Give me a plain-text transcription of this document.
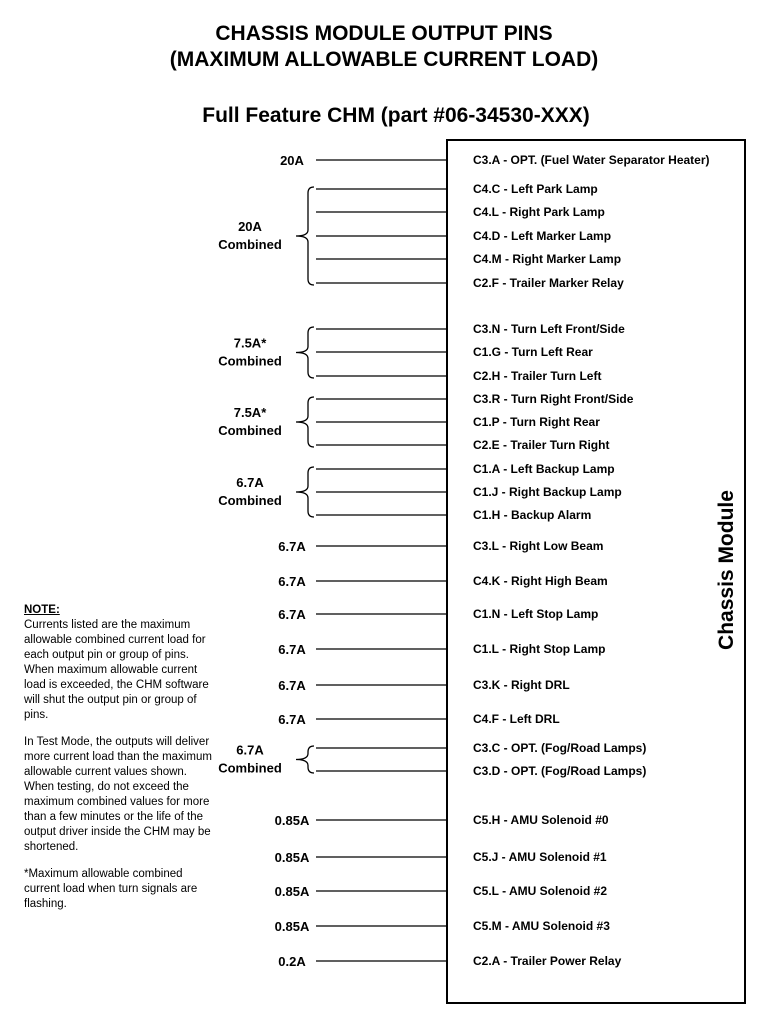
CHASSIS MODULE OUTPUT PINS
(MAXIMUM ALLOWABLE CURRENT LOAD)
Full Feature CHM (part #06-34530-XXX)
C3.A - OPT. (Fuel Water Separator Heater)
C4.C - Left Park Lamp
C4.L - Right Park Lamp
C4.D - Left Marker Lamp
C4.M - Right Marker Lamp
C2.F - Trailer Marker Relay
C3.N - Turn Left Front/Side
C1.G - Turn Left Rear
C2.H - Trailer Turn Left
C3.R - Turn Right Front/Side
C1.P - Turn Right Rear
C2.E - Trailer Turn Right
C1.A - Left Backup Lamp
C1.J - Right Backup Lamp
C1.H - Backup Alarm
C3.L - Right Low Beam
C4.K - Right High Beam
C1.N - Left Stop Lamp
C1.L - Right Stop Lamp
C3.K - Right DRL
C4.F - Left DRL
C3.C - OPT. (Fog/Road Lamps)
C3.D - OPT. (Fog/Road Lamps)
C5.H - AMU Solenoid #0
C5.J - AMU Solenoid #1
C5.L - AMU Solenoid #2
C5.M - AMU Solenoid #3
C2.A - Trailer Power Relay
20A
6.7A
6.7A
6.7A
6.7A
6.7A
6.7A
0.85A
0.85A
0.85A
0.85A
0.2A
20A
Combined
7.5A*
Combined
7.5A*
Combined
6.7A
Combined
6.7A
Combined
Chassis Module
NOTE:

Currents listed are the maximum allowable combined current load for each output pin or group of pins. When maximum allowable current load is exceeded, the CHM software will shut the output pin or group of pins.

In Test Mode, the outputs will deliver more current load than the maximum allowable current values shown. When testing, do not exceed the maximum combined values for more than a few minutes or the life of the output driver inside the CHM may be shortened.

*Maximum allowable combined current load when turn signals are flashing.
